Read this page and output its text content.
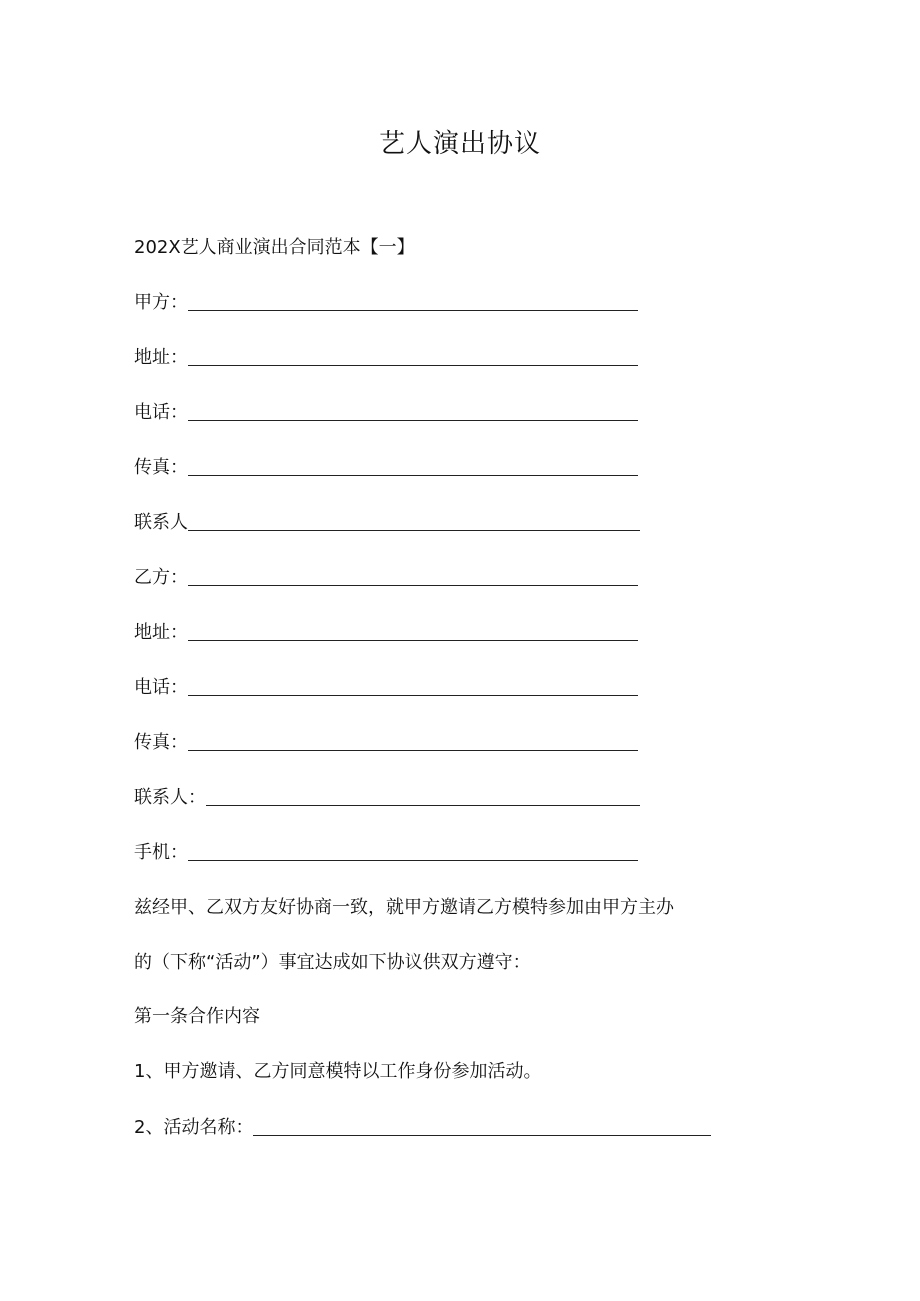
艺人演出协议
202X艺人商业演出合同范本【一】
甲方：
地址：
电话：
传真：
联系人
乙方：
地址：
电话：
传真：
联系人：
手机：
兹经甲、乙双方友好协商一致，就甲方邀请乙方模特参加由甲方主办
的（下称“活动”）事宜达成如下协议供双方遵守：
第一条合作内容
1、甲方邀请、乙方同意模特以工作身份参加活动。
2、活动名称：
